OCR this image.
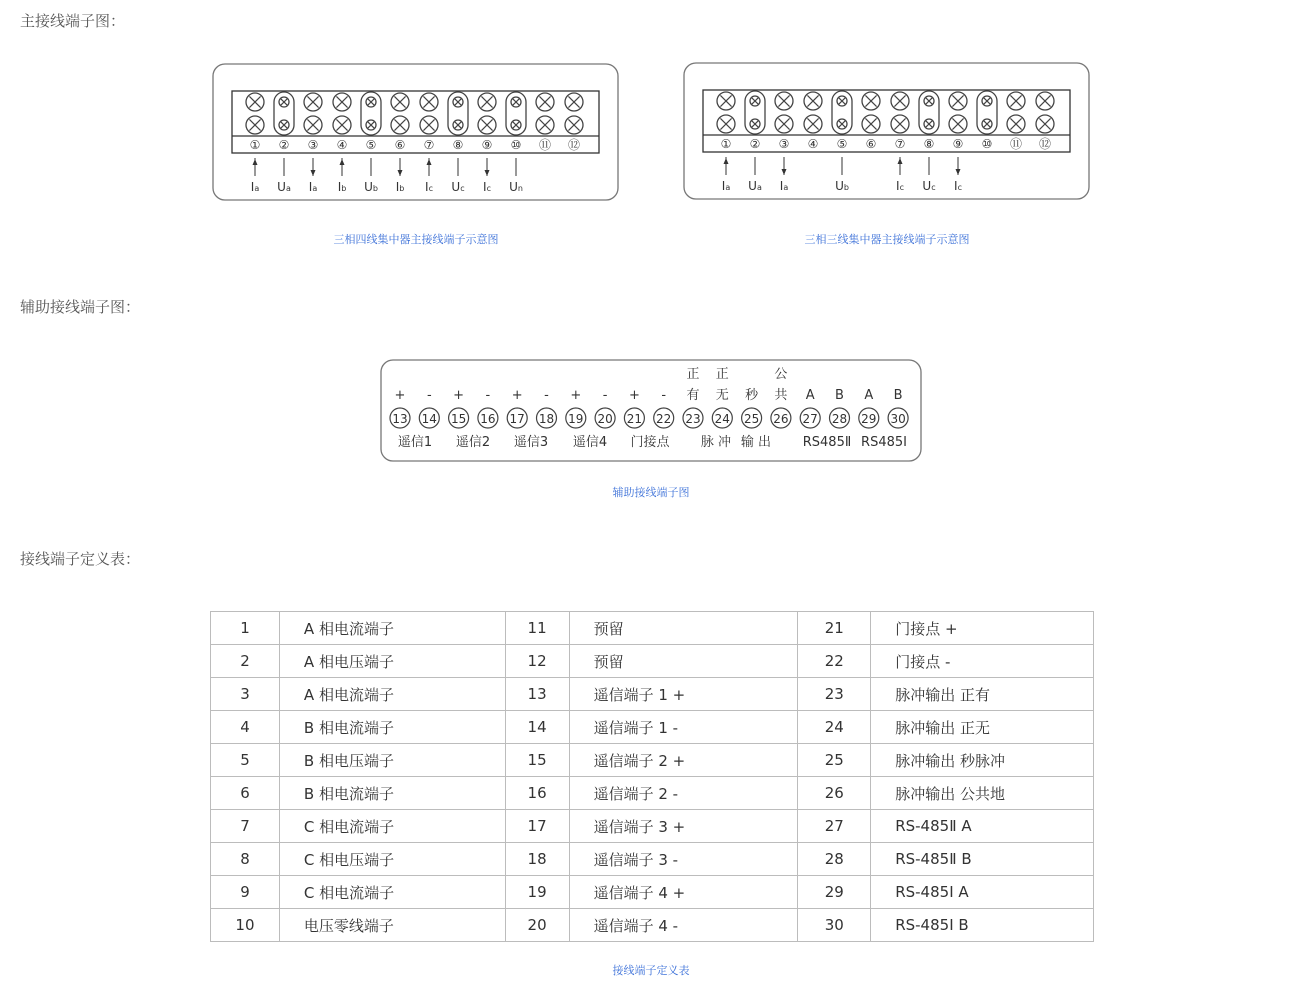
主接线端子图：
辅助接线端子图：
接线端子定义表：
①
Ia
②
Ua
③
Ia
④
Ib
⑤
Ub
⑥
Ib
⑦
Ic
⑧
Uc
⑨
Ic
⑩
Un
⑪ ⑫	①
Ia
②
Ua
③
Ia
④ ⑤
Ub
⑥ ⑦
Ic
⑧
Uc
⑨
Ic
⑩ ⑪ ⑫
三相四线集中器主接线端子示意图	三相三线集中器主接线端子示意图
+
13
-
14
+
15
-
16
+
17
-
18
+
19
-
20
+
21
-
22
正
有
23
正
无
24
秒
25
公
共
26
A
27
B
28
A
29
B
30
遥信1 遥信2 遥信3 遥信4 门接点 脉 冲 输 出 RS485Ⅱ RS485Ⅰ
辅助接线端子图
1	A 相电流端子	11	预留	21	门接点 +
2	A 相电压端子	12	预留	22	门接点 -
3	A 相电流端子	13	遥信端子 1 +	23	脉冲输出 正有
4	B 相电流端子	14	遥信端子 1 -	24	脉冲输出 正无
5	B 相电压端子	15	遥信端子 2 +	25	脉冲输出 秒脉冲
6	B 相电流端子	16	遥信端子 2 -	26	脉冲输出 公共地
7	C 相电流端子	17	遥信端子 3 +	27	RS-485Ⅱ A
8	C 相电压端子	18	遥信端子 3 -	28	RS-485Ⅱ B
9	C 相电流端子	19	遥信端子 4 +	29	RS-485Ⅰ A
10	电压零线端子	20	遥信端子 4 -	30	RS-485Ⅰ B
接线端子定义表
